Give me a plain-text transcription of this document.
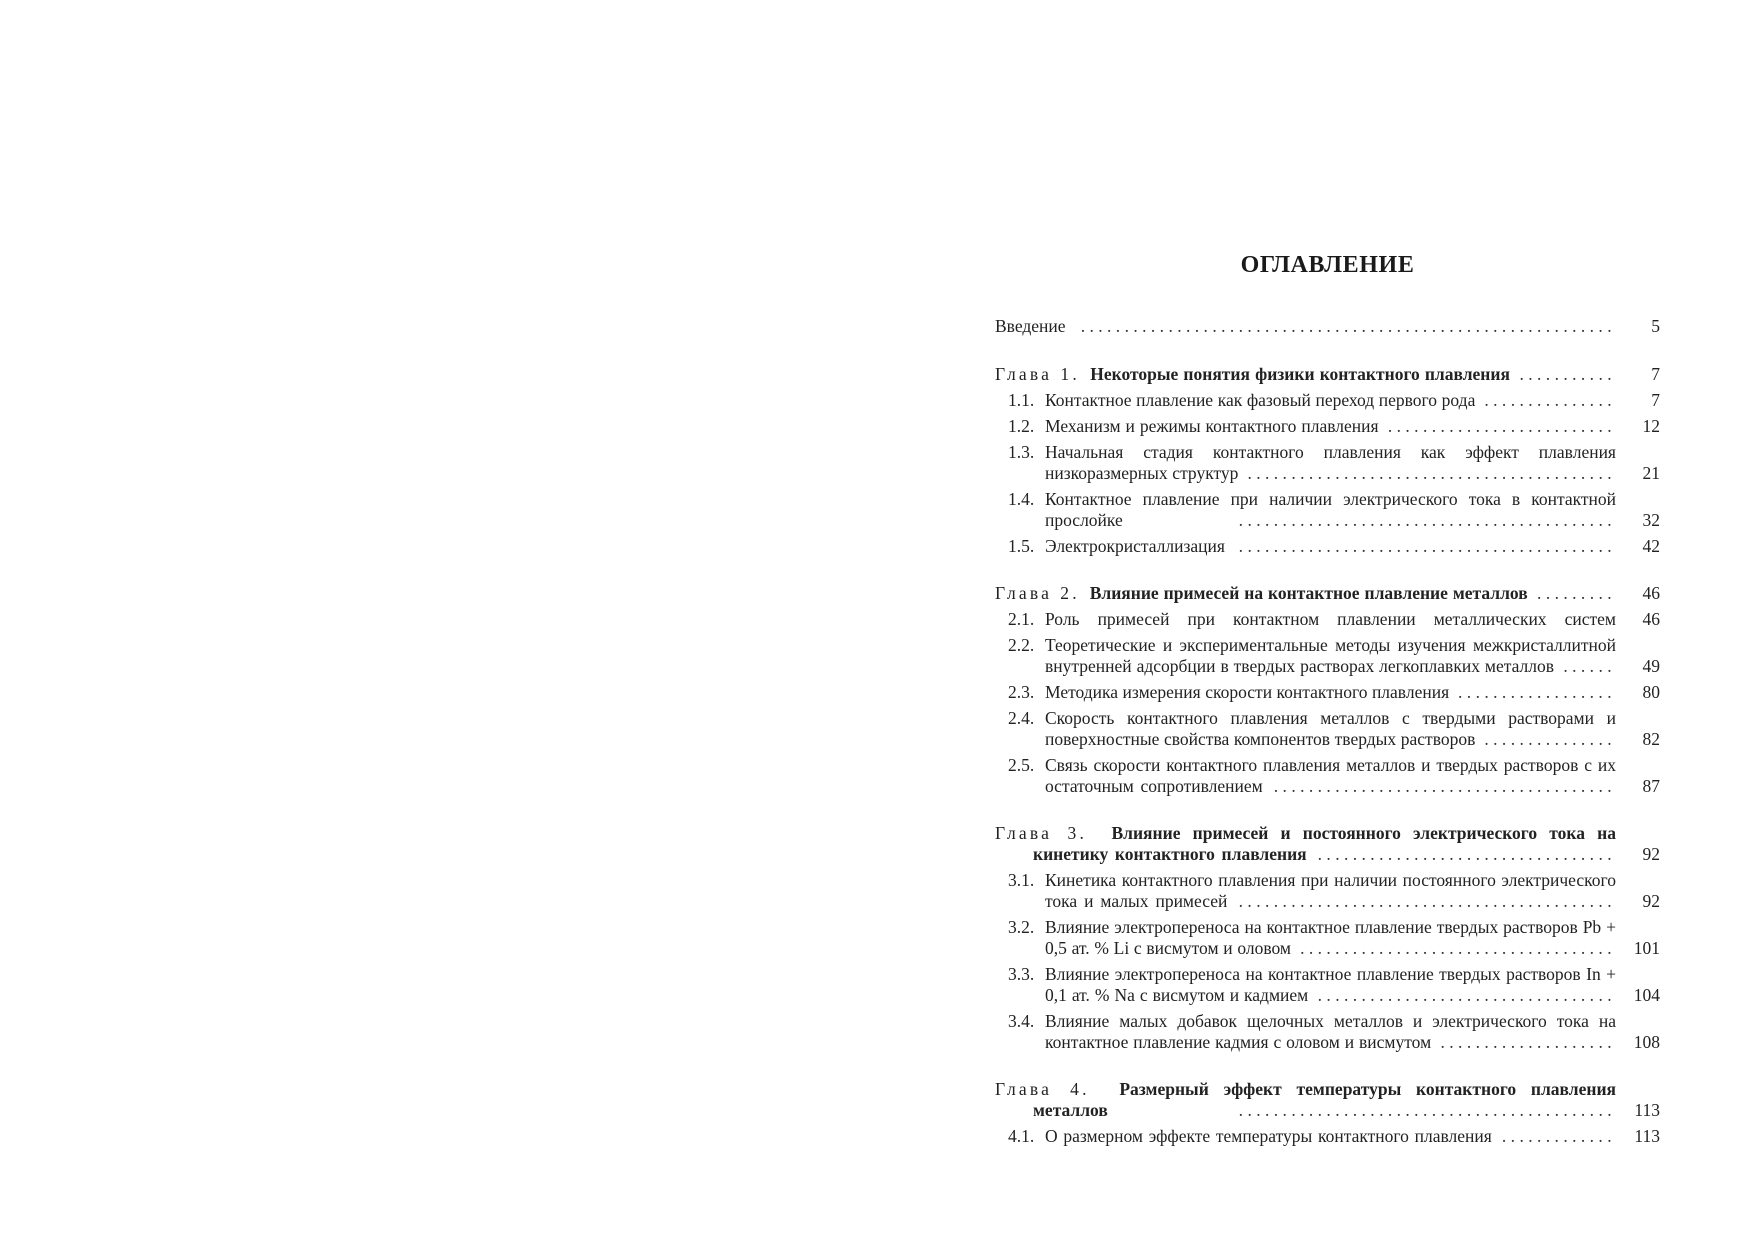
ОГЛАВЛЕНИЕ
Введение .............................................................	5
Глава 1. Некоторые понятия физики контактного плавления ...........	7
1.1. Контактное плавление как фазовый переход первого рода ...............	7
1.2. Механизм и режимы контактного плавления ..........................	12
1.3. Начальная стадия контактного плавления как эффект плавления низкоразмерных структур ..........................................	21
1.4. Контактное плавление при наличии электрического тока в контактной прослойке ...........................................	32
1.5. Электрокристаллизация ...........................................	42
Глава 2. Влияние примесей на контактное плавление металлов .........	46
2.1. Роль примесей при контактном плавлении металлических систем	46
2.2. Теоретические и экспериментальные методы изучения межкристаллитной внутренней адсорбции в твердых растворах легкоплавких металлов ......	49
2.3. Методика измерения скорости контактного плавления ..................	80
2.4. Скорость контактного плавления металлов с твердыми растворами и поверхностные свойства компонентов твердых растворов ...............	82
2.5. Связь скорости контактного плавления металлов и твердых растворов с их остаточным сопротивлением .......................................	87
Глава 3. Влияние примесей и постоянного электрического тока на кинетику контактного плавления ..................................	92
3.1. Кинетика контактного плавления при наличии постоянного электрического тока и малых примесей ...........................................	92
3.2. Влияние электропереноса на контактное плавление твердых растворов Pb + 0,5 ат. % Li с висмутом и оловом ....................................	101
3.3. Влияние электропереноса на контактное плавление твердых растворов In + 0,1 ат. % Na с висмутом и кадмием ..................................	104
3.4. Влияние малых добавок щелочных металлов и электрического тока на контактное плавление кадмия с оловом и висмутом ....................	108
Глава 4. Размерный эффект температуры контактного плавления металлов ...........................................	113
4.1. О размерном эффекте температуры контактного плавления .............	113
